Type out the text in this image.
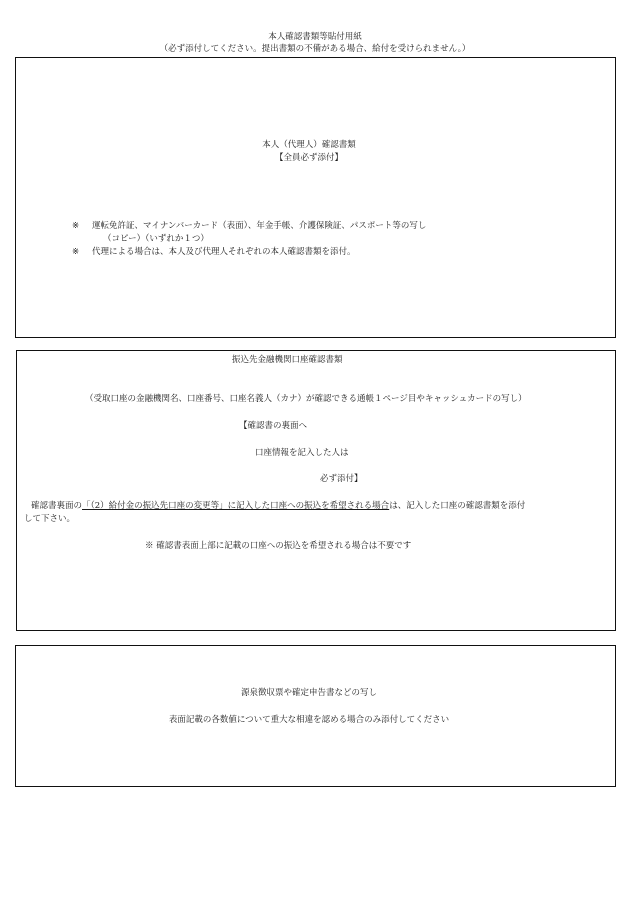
本人確認書類等貼付用紙
（必ず添付してください。提出書類の不備がある場合、給付を受けられません。）
本人（代理人）確認書類
【全員必ず添付】
※ 運転免許証、マイナンバーカード（表面）、年金手帳、介護保険証、パスポート等の写し
（コピー）（いずれか１つ）
※ 代理による場合は、本人及び代理人それぞれの本人確認書類を添付。
振込先金融機関口座確認書類
（受取口座の金融機関名、口座番号、口座名義人（カナ）が確認できる通帳１ページ目やキャッシュカードの写し）
【確認書の裏面へ
口座情報を記入した人は
必ず添付】
確認書裏面の「（2）給付金の振込先口座の変更等」に記入した口座への振込を希望される場合は、記入した口座の確認書類を添付
して下さい。
※ 確認書表面上部に記載の口座への振込を希望される場合は不要です
源泉徴収票や確定申告書などの写し
表面記載の各数値について重大な相違を認める場合のみ添付してください
